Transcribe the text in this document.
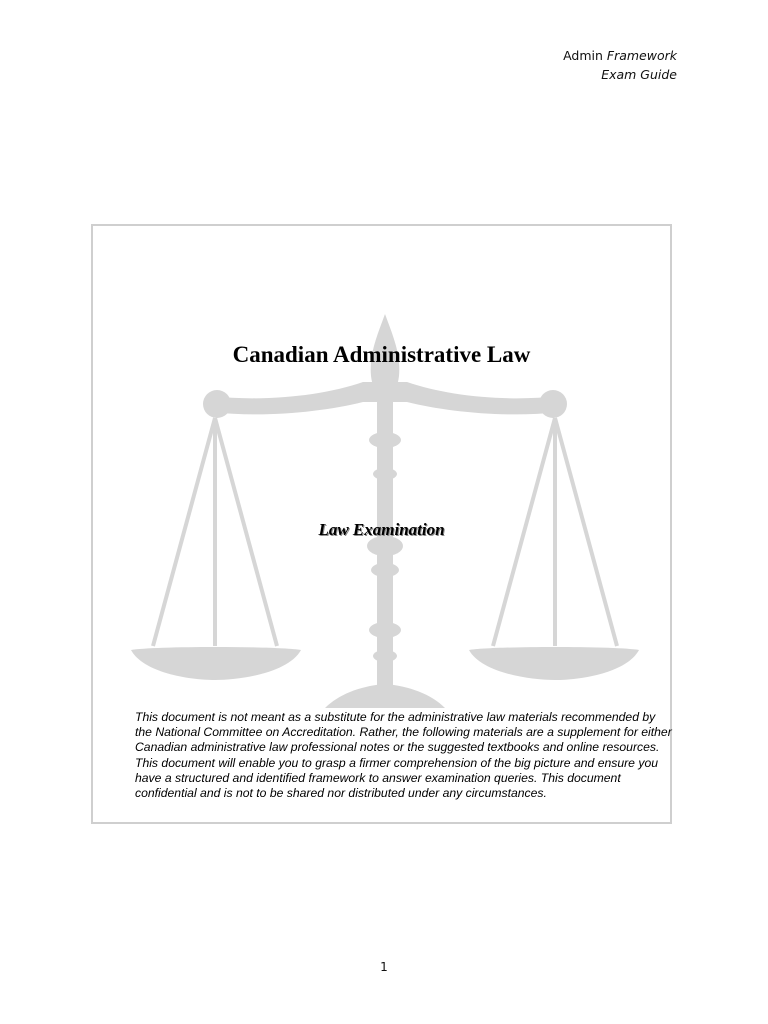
Admin Framework
Exam Guide
Canadian Administrative Law
Law Examination

This document is not meant as a substitute for the administrative law materials recommended by the National Committee on Accreditation. Rather, the following materials are a supplement for either Canadian administrative law professional notes or the suggested textbooks and online resources. This document will enable you to grasp a firmer comprehension of the big picture and ensure you have a structured and identified framework to answer examination queries. This document confidential and is not to be shared nor distributed under any circumstances.

1
